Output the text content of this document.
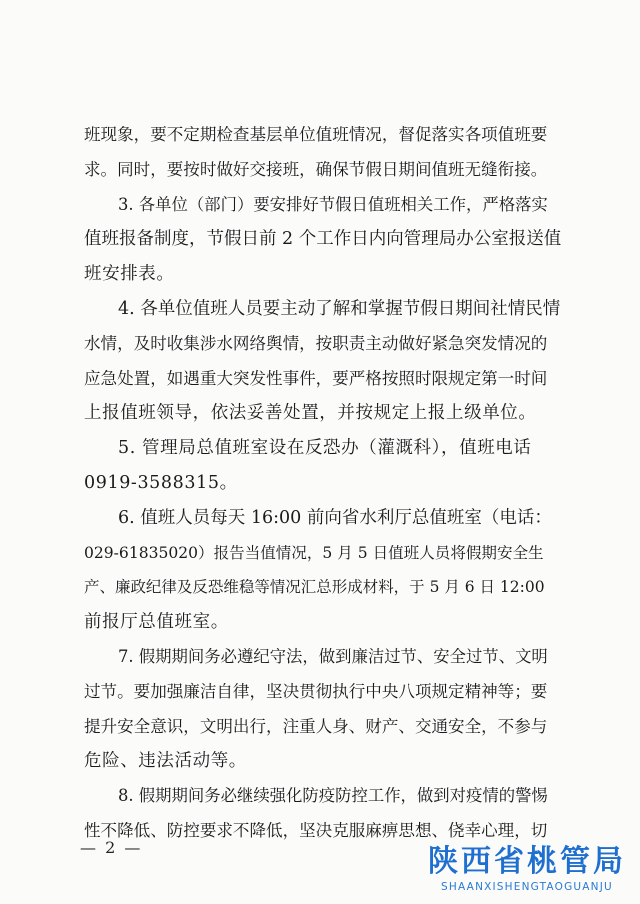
班现象，要不定期检查基层单位值班情况，督促落实各项值班要
求。同时，要按时做好交接班，确保节假日期间值班无缝衔接。
3. 各单位（部门）要安排好节假日值班相关工作，严格落实
值班报备制度，节假日前 2 个工作日内向管理局办公室报送值
班安排表。
4. 各单位值班人员要主动了解和掌握节假日期间社情民情
水情，及时收集涉水网络舆情，按职责主动做好紧急突发情况的
应急处置，如遇重大突发性事件，要严格按照时限规定第一时间
上报值班领导，依法妥善处置，并按规定上报上级单位。
5. 管理局总值班室设在反恐办（灌溉科），值班电话
0919-3588315。
6. 值班人员每天 16:00 前向省水利厅总值班室（电话：
029-61835020）报告当值情况，5 月 5 日值班人员将假期安全生
产、廉政纪律及反恐维稳等情况汇总形成材料，于 5 月 6 日 12:00
前报厅总值班室。
7. 假期期间务必遵纪守法，做到廉洁过节、安全过节、文明
过节。要加强廉洁自律，坚决贯彻执行中央八项规定精神等；要
提升安全意识，文明出行，注重人身、财产、交通安全，不参与
危险、违法活动等。
8. 假期期间务必继续强化防疫防控工作，做到对疫情的警惕
性不降低、防控要求不降低，坚决克服麻痹思想、侥幸心理，切
— 2 —	陕西省桃管局
SHAANXISHENGTAOGUANJU
